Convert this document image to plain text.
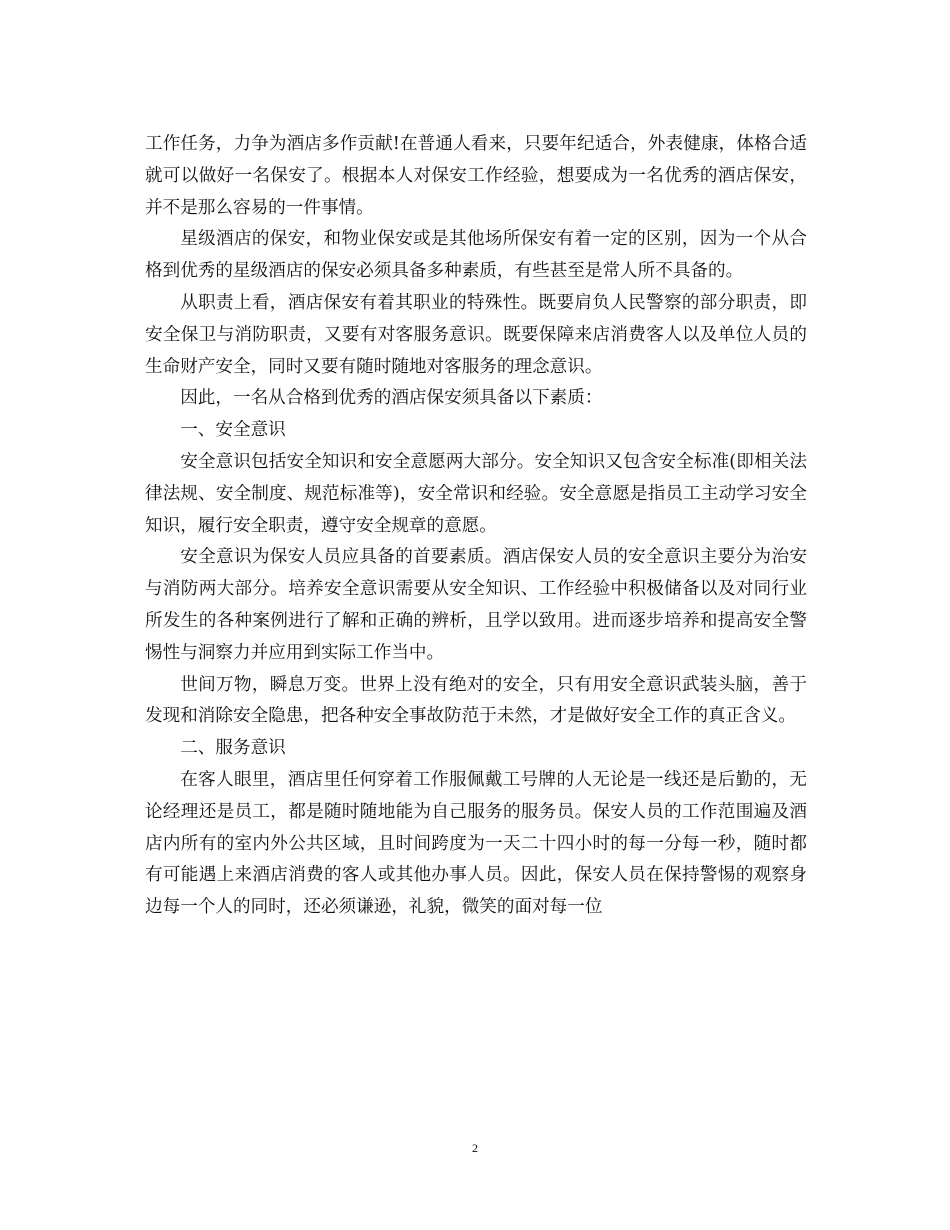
工作任务，力争为酒店多作贡献!在普通人看来，只要年纪适合，外表健康，体格合适就可以做好一名保安了。根据本人对保安工作经验，想要成为一名优秀的酒店保安，并不是那么容易的一件事情。

星级酒店的保安，和物业保安或是其他场所保安有着一定的区别，因为一个从合格到优秀的星级酒店的保安必须具备多种素质，有些甚至是常人所不具备的。

从职责上看，酒店保安有着其职业的特殊性。既要肩负人民警察的部分职责，即安全保卫与消防职责，又要有对客服务意识。既要保障来店消费客人以及单位人员的生命财产安全，同时又要有随时随地对客服务的理念意识。

因此，一名从合格到优秀的酒店保安须具备以下素质：

一、安全意识

安全意识包括安全知识和安全意愿两大部分。安全知识又包含安全标准(即相关法律法规、安全制度、规范标准等)，安全常识和经验。安全意愿是指员工主动学习安全知识，履行安全职责，遵守安全规章的意愿。

安全意识为保安人员应具备的首要素质。酒店保安人员的安全意识主要分为治安与消防两大部分。培养安全意识需要从安全知识、工作经验中积极储备以及对同行业所发生的各种案例进行了解和正确的辨析，且学以致用。进而逐步培养和提高安全警惕性与洞察力并应用到实际工作当中。

世间万物，瞬息万变。世界上没有绝对的安全，只有用安全意识武装头脑，善于发现和消除安全隐患，把各种安全事故防范于未然，才是做好安全工作的真正含义。

二、服务意识

在客人眼里，酒店里任何穿着工作服佩戴工号牌的人无论是一线还是后勤的，无论经理还是员工，都是随时随地能为自己服务的服务员。保安人员的工作范围遍及酒店内所有的室内外公共区域，且时间跨度为一天二十四小时的每一分每一秒，随时都有可能遇上来酒店消费的客人或其他办事人员。因此，保安人员在保持警惕的观察身边每一个人的同时，还必须谦逊，礼貌，微笑的面对每一位

2
